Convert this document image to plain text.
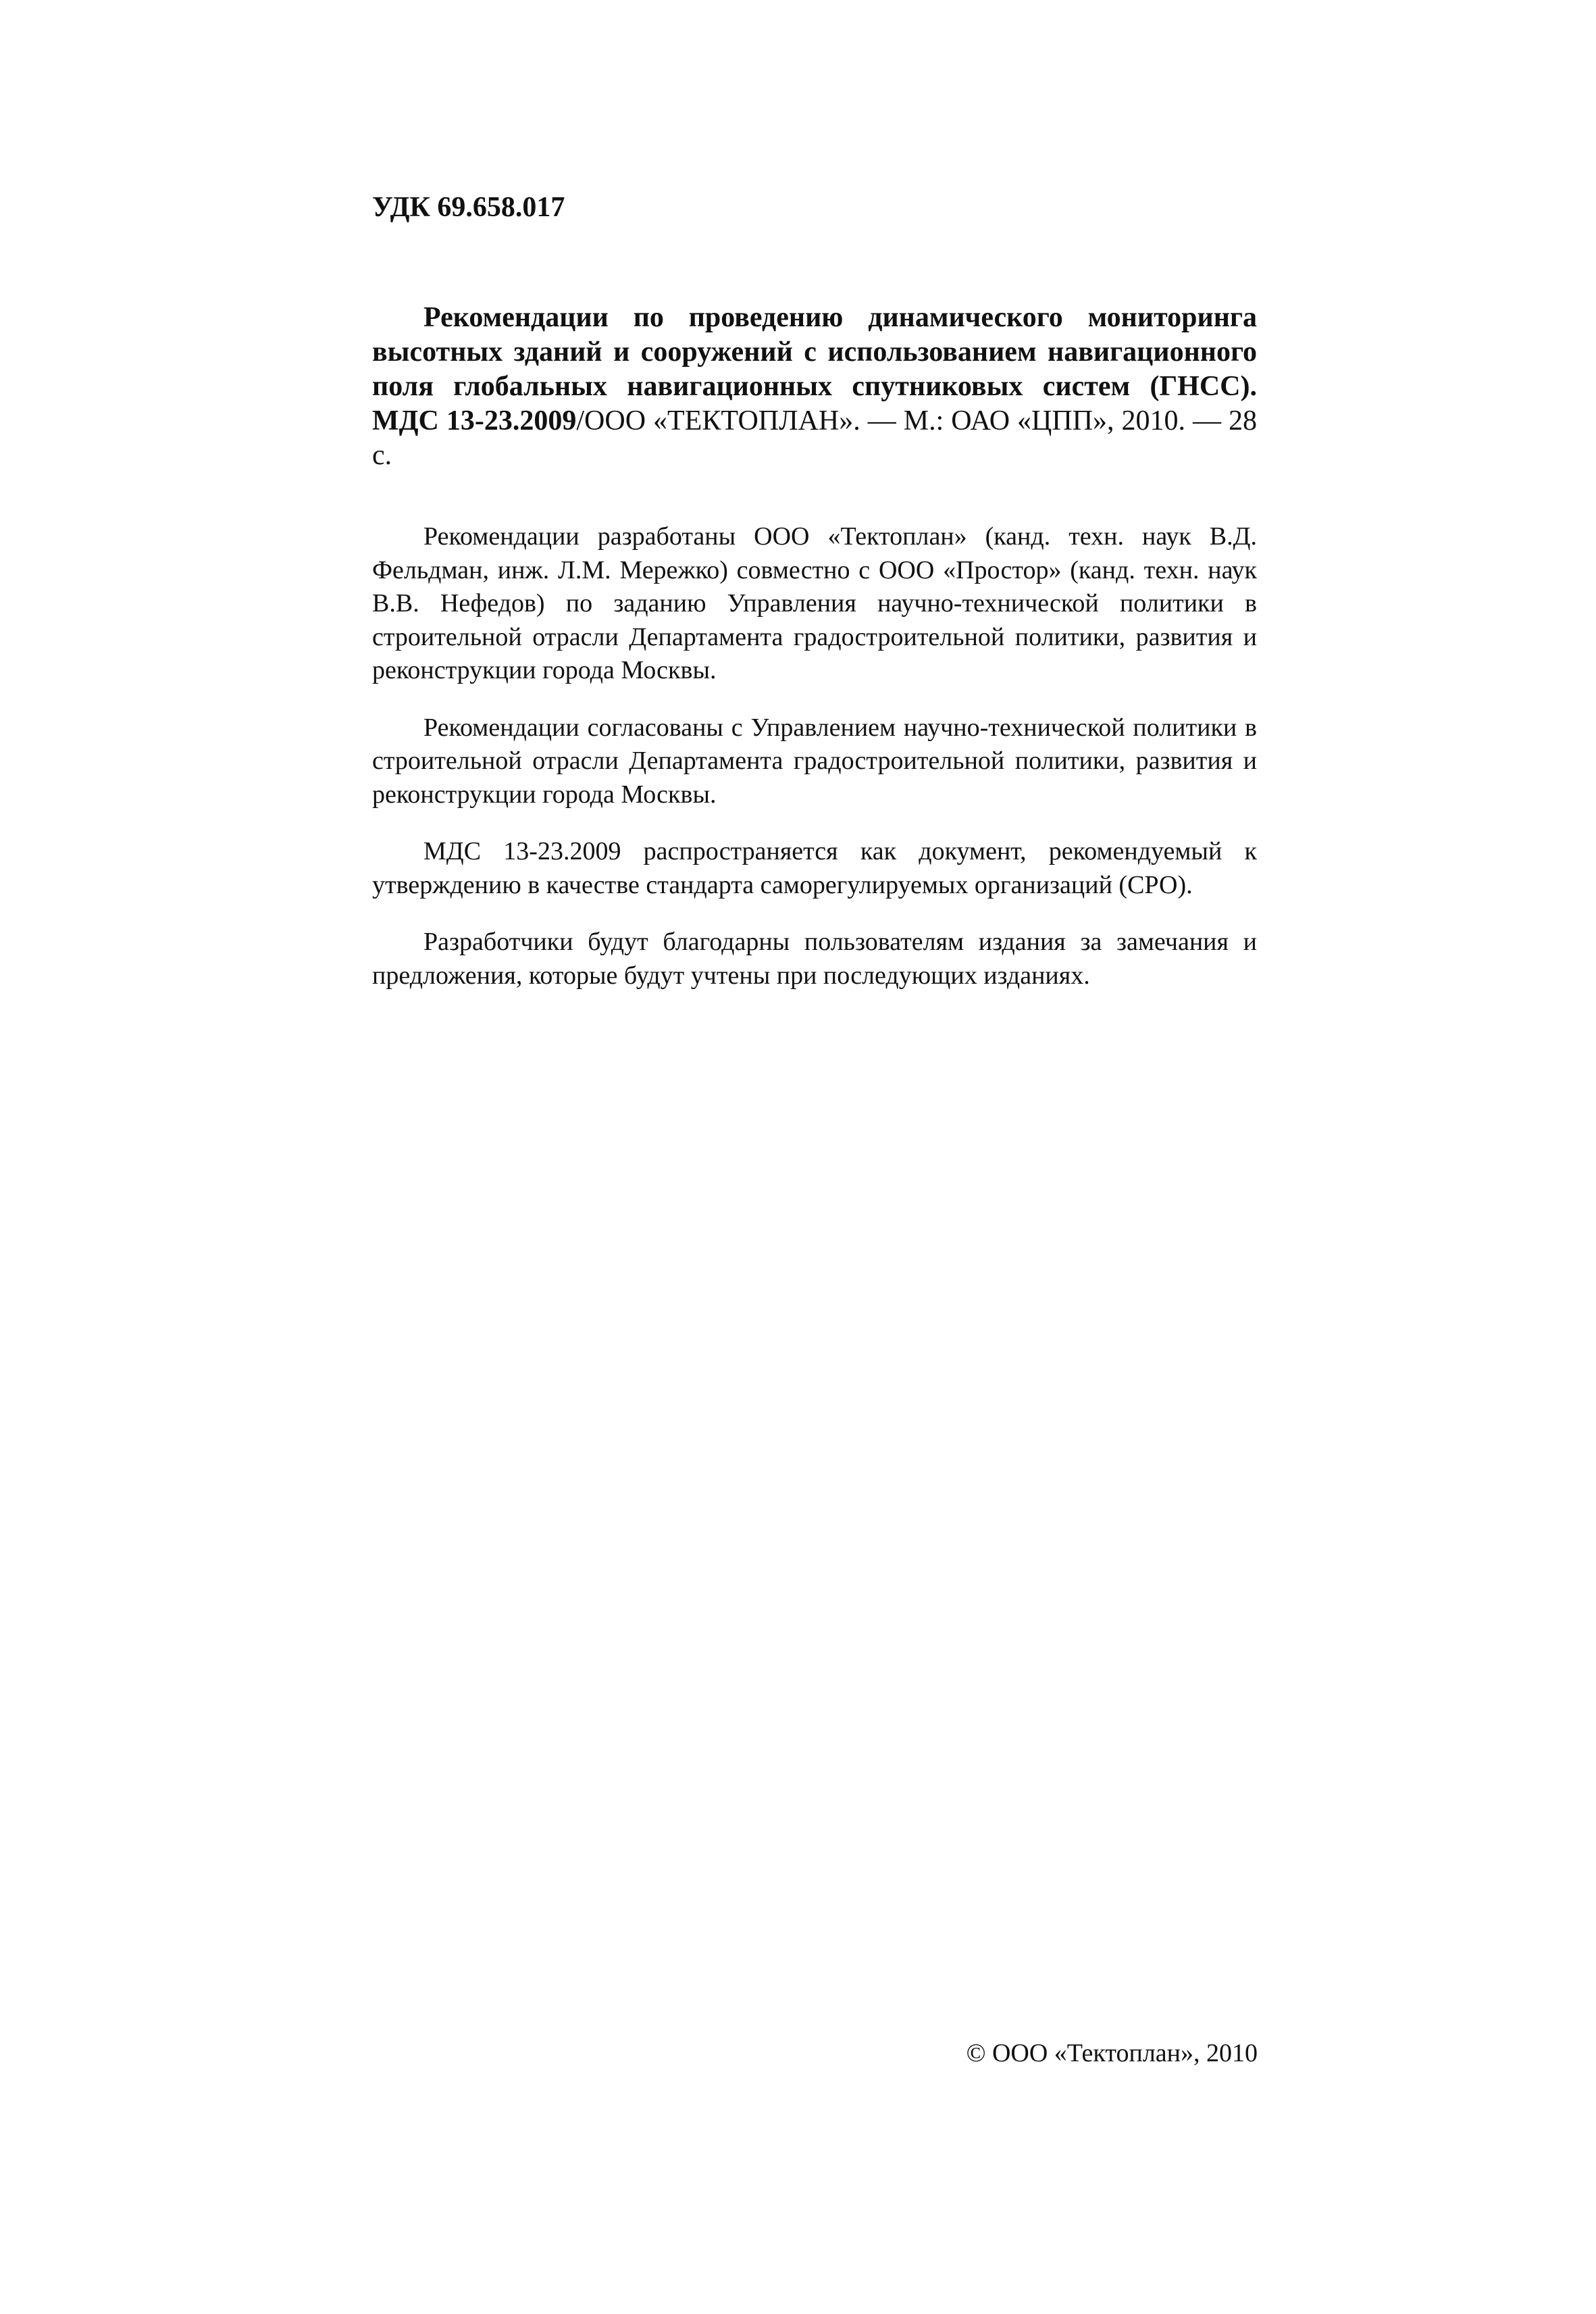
УДК 69.658.017

Рекомендации по проведению динамического мониторинга высотных зданий и сооружений с использованием навигационного поля глобальных навигационных спутниковых систем (ГНСС). МДС 13-23.2009/ООО «ТЕКТОПЛАН». — М.: ОАО «ЦПП», 2010. — 28 с.

Рекомендации разработаны ООО «Тектоплан» (канд. техн. наук В.Д. Фельдман, инж. Л.М. Мережко) совместно с ООО «Простор» (канд. техн. наук В.В. Нефедов) по заданию Управления научно-технической политики в строительной отрасли Департамента градостроительной политики, развития и реконструкции города Москвы.

Рекомендации согласованы с Управлением научно-технической политики в строительной отрасли Департамента градостроительной политики, развития и реконструкции города Москвы.

МДС 13-23.2009 распространяется как документ, рекомендуемый к утверждению в качестве стандарта саморегулируемых организаций (СРО).

Разработчики будут благодарны пользователям издания за замечания и предложения, которые будут учтены при последующих изданиях.

© ООО «Тектоплан», 2010
